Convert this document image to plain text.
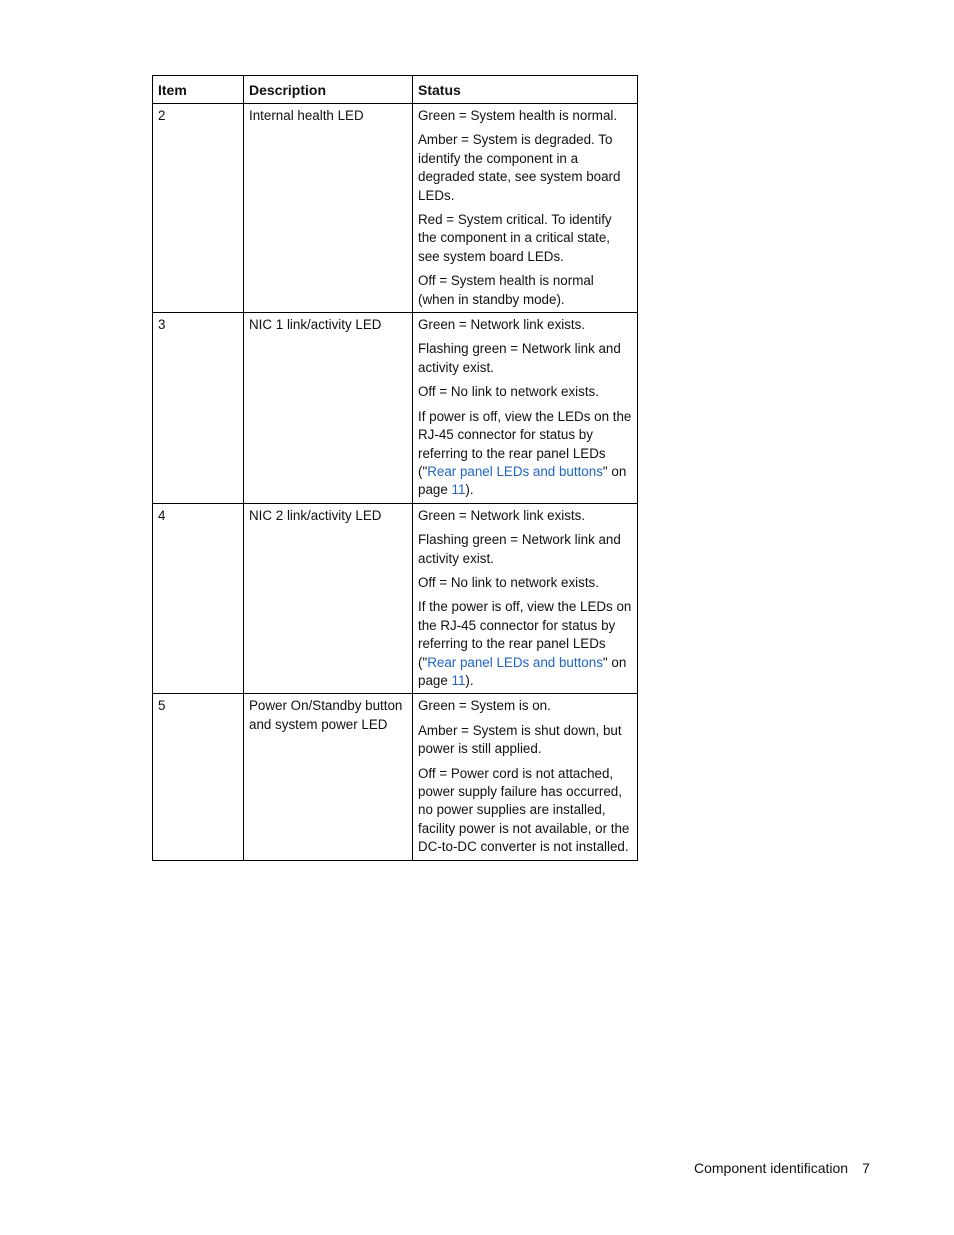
Item	Description	Status
2	Internal health LED	Green = System health is normal.

Amber = System is degraded. To identify the component in a degraded state, see system board LEDs.

Red = System critical. To identify the component in a critical state, see system board LEDs.

Off = System health is normal (when in standby mode).

3	NIC 1 link/activity LED	Green = Network link exists.

Flashing green = Network link and activity exist.

Off = No link to network exists.

If power is off, view the LEDs on the RJ-45 connector for status by referring to the rear panel LEDs ("Rear panel LEDs and buttons" on page 11).

4	NIC 2 link/activity LED	Green = Network link exists.

Flashing green = Network link and activity exist.

Off = No link to network exists.

If the power is off, view the LEDs on the RJ-45 connector for status by referring to the rear panel LEDs ("Rear panel LEDs and buttons" on page 11).

5	Power On/Standby button and system power LED	Green = System is on.

Amber = System is shut down, but power is still applied.

Off = Power cord is not attached, power supply failure has occurred, no power supplies are installed, facility power is not available, or the DC-to-DC converter is not installed.

Component identification 7
